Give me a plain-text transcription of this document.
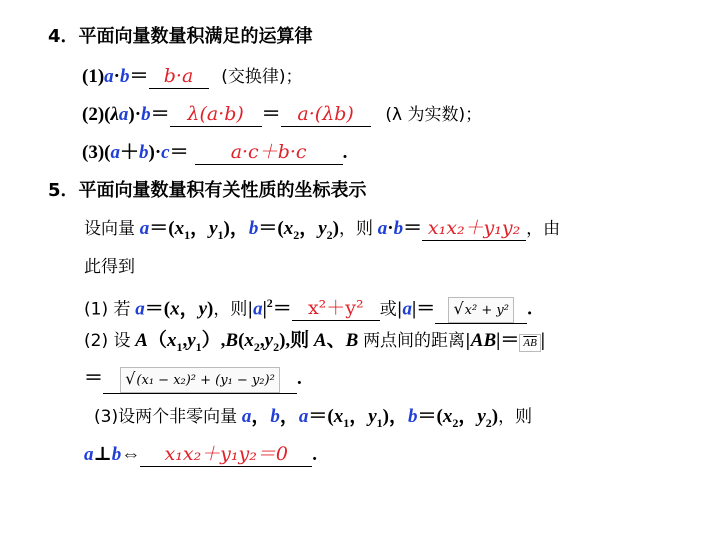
4．平面向量数量积满足的运算律
(1)a·b＝ b·a (交换律)；
(2)(λa)·b＝ λ(a·b) ＝ a·(λb) (λ 为实数)；
(3)(a＋b)·c＝ a·c＋b·c .
5．平面向量数量积有关性质的坐标表示
设向量 $a=(x_1$，$y_1$)，$b=(x_2$，$y_2$)，则 a·b＝ x₁x₂＋y₁y₂ ，由
此得到
(1) 若 a＝(x，y)，则$|a|^2= x^2+y^2$ 或|a|＝ √ x² + y² .
(2) 设 $A(x_1,y_1),B(x_2,y_2)$,则 A、B 两点间的距离$|AB|= \overline{AB}$ |
＝	√ (x₁ − x₂)² + (y₁ − y₂)² .
(3)设两个非零向量 a，b，$a=(x_1$，$y_1$)，$b=(x_2$，$y_2$)，则
a⊥b⇔ x₁x₂＋y₁y₂＝0 .
